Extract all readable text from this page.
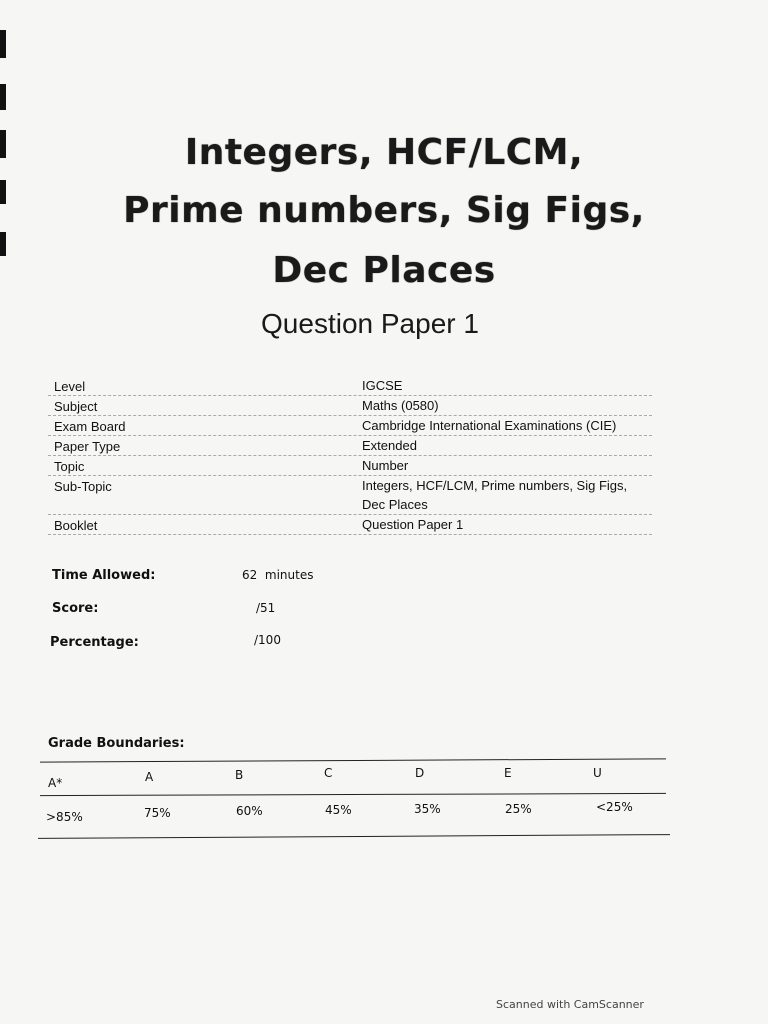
Integers, HCF/LCM,
Prime numbers, Sig Figs,
Dec Places
Question Paper 1
Level	IGCSE
Subject	Maths (0580)
Exam Board	Cambridge International Examinations (CIE)
Paper Type	Extended
Topic	Number
Sub-Topic	Integers, HCF/LCM, Prime numbers, Sig Figs, Dec Places
Booklet	Question Paper 1
Time Allowed:	62  minutes
Score:	/51
Percentage:	/100
Grade Boundaries:
A*	A	B	C	D	E	U
>85%	75%	60%	45%	35%	25%	<25%
Scanned with CamScanner
